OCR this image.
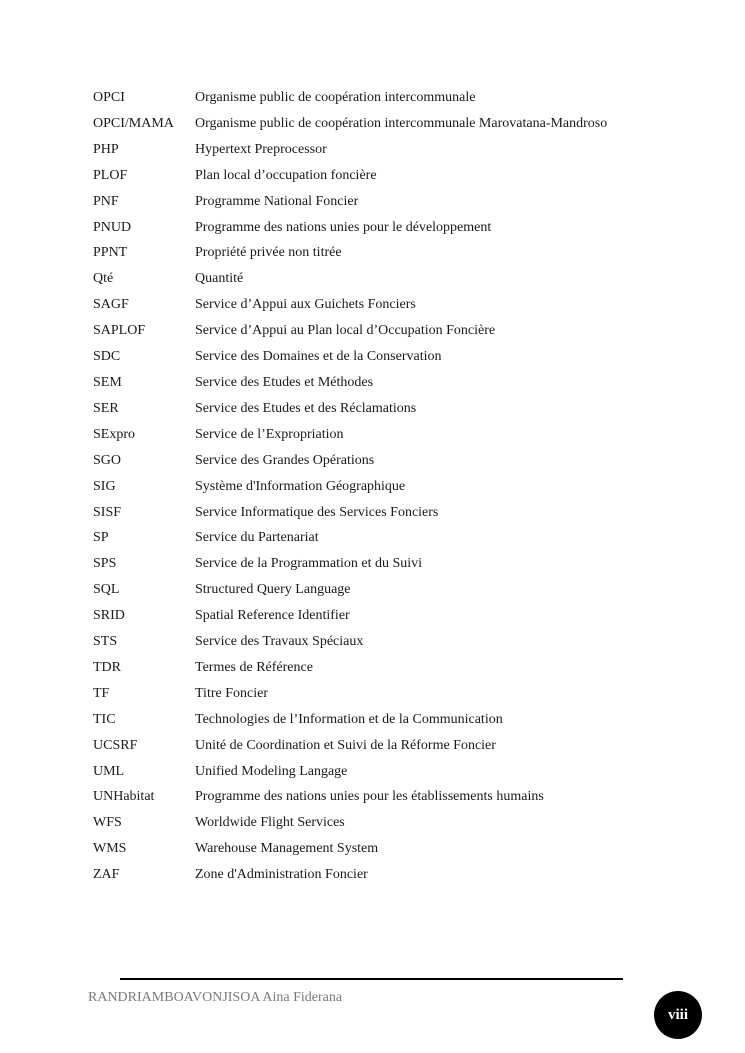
OPCI	Organisme public de coopération intercommunale
OPCI/MAMA	Organisme public de coopération intercommunale Marovatana-Mandroso
PHP	Hypertext Preprocessor
PLOF	Plan local d’occupation foncière
PNF	Programme National Foncier
PNUD	Programme des nations unies pour le développement
PPNT	Propriété privée non titrée
Qté	Quantité
SAGF	Service d’Appui aux Guichets Fonciers
SAPLOF	Service d’Appui au Plan local d’Occupation Foncière
SDC	Service des Domaines et de la Conservation
SEM	Service des Etudes et Méthodes
SER	Service des Etudes et des Réclamations
SExpro	Service de l’Expropriation
SGO	Service des Grandes Opérations
SIG	Système d'Information Géographique
SISF	Service Informatique des Services Fonciers
SP	Service du Partenariat
SPS	Service de la Programmation et du Suivi
SQL	Structured Query Language
SRID	Spatial Reference Identifier
STS	Service des Travaux Spéciaux
TDR	Termes de Référence
TF	Titre Foncier
TIC	Technologies de l’Information et de la Communication
UCSRF	Unité de Coordination et Suivi de la Réforme Foncier
UML	Unified Modeling Langage
UNHabitat	Programme des nations unies pour les établissements humains
WFS	Worldwide Flight Services
WMS	Warehouse Management System
ZAF	Zone d'Administration Foncier
RANDRIAMBOAVONJISOA Aina Fiderana
viii
